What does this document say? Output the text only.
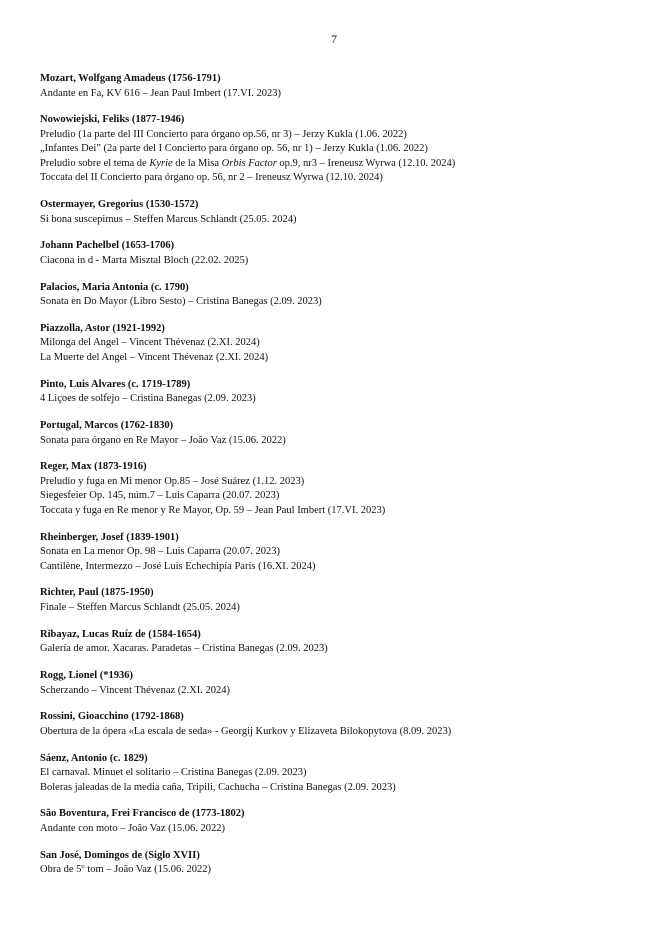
7
Mozart, Wolfgang Amadeus (1756-1791)
Andante en Fa, KV 616 – Jean Paul Imbert (17.VI. 2023)
Nowowiejski, Feliks (1877-1946)
Preludio (1a parte del III Concierto para órgano op.56, nr 3) – Jerzy Kukla (1.06. 2022)
„Infantes Dei” (2a parte del I Concierto para órgano op. 56, nr 1) – Jerzy Kukla (1.06. 2022)
Preludio sobre el tema de Kyrie de la Misa Orbis Factor op.9, nr3 – Ireneusz Wyrwa (12.10. 2024)
Toccata del II Concierto para órgano op. 56, nr 2 – Ireneusz Wyrwa (12.10. 2024)
Ostermayer, Gregorius (1530-1572)
Si bona suscepimus – Steffen Marcus Schlandt (25.05. 2024)
Johann Pachelbel (1653-1706)
Ciacona in d - Marta Misztal Bloch (22.02. 2025)
Palacios, Maria Antonia (c. 1790)
Sonata en Do Mayor (Libro Sesto) – Cristina Banegas (2.09. 2023)
Piazzolla, Astor (1921-1992)
Milonga del Angel – Vincent Thévenaz (2.XI. 2024)
La Muerte del Angel – Vincent Thévenaz (2.XI. 2024)
Pinto, Luis Alvares (c. 1719-1789)
4 Liçoes de solfejo – Cristina Banegas (2.09. 2023)
Portugal, Marcos (1762-1830)
Sonata para órgano en Re Mayor – João Vaz (15.06. 2022)
Reger, Max (1873-1916)
Preludio y fuga en Mi menor Op.85 – José Suárez (1.12. 2023)
Siegesfeier Op. 145, núm.7 – Luis Caparra (20.07. 2023)
Toccata y fuga en Re menor y Re Mayor, Op. 59 – Jean Paul Imbert (17.VI. 2023)
Rheinberger, Josef (1839-1901)
Sonata en La menor Op. 98 – Luis Caparra (20.07. 2023)
Cantilène, Intermezzo – José Luis Echechipía París (16.XI. 2024)
Richter, Paul (1875-1950)
Finale – Steffen Marcus Schlandt (25.05. 2024)
Ribayaz, Lucas Ruíz de (1584-1654)
Galería de amor. Xacaras. Paradetas – Cristina Banegas (2.09. 2023)
Rogg, Lionel (*1936)
Scherzando – Vincent Thévenaz (2.XI. 2024)
Rossini, Gioacchino (1792-1868)
Obertura de la ópera «La escala de seda» - Georgij Kurkov y Elizaveta Bilokopytova (8.09. 2023)
Sáenz, Antonio (c. 1829)
El carnaval. Minuet el solitario – Cristina Banegas (2.09. 2023)
Boleras jaleadas de la media caña, Tripili, Cachucha – Cristina Banegas (2.09. 2023)
São Boventura, Frei Francisco de (1773-1802)
Andante con moto – João Vaz (15.06. 2022)
San José, Domingos de (Siglo XVII)
Obra de 5º tom – João Vaz (15.06. 2022)
